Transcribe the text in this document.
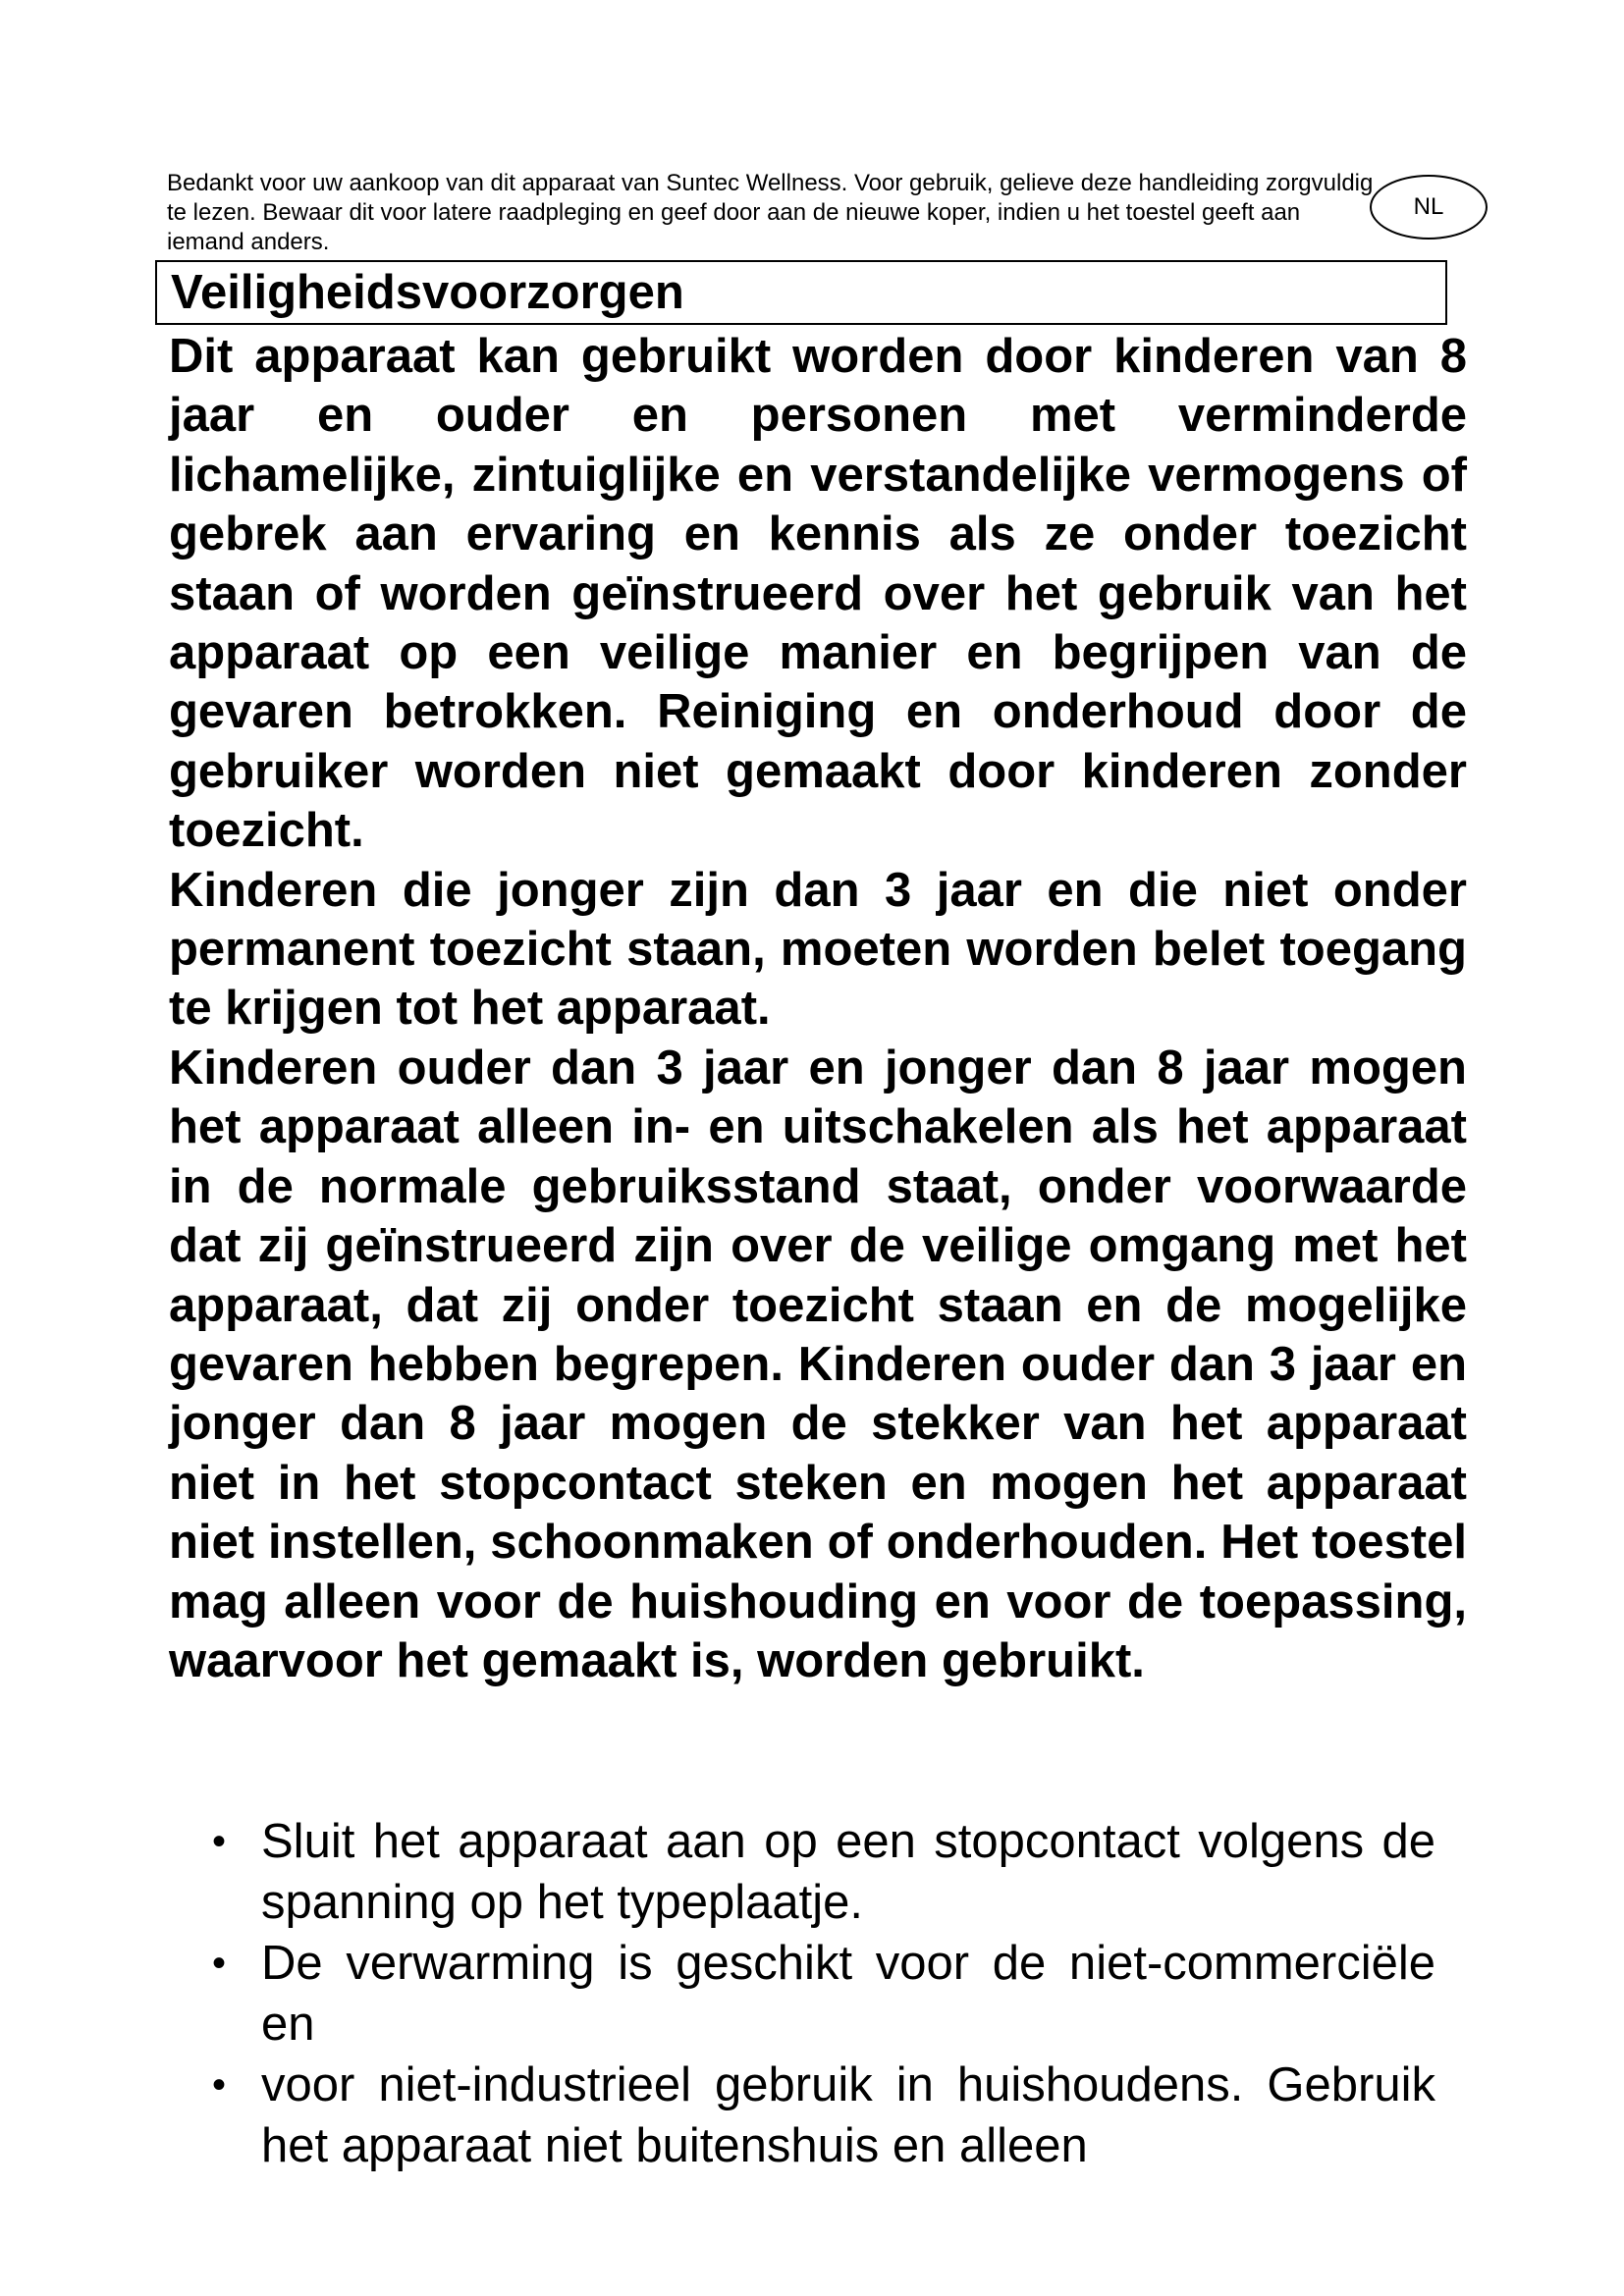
Bedankt voor uw aankoop van dit apparaat van Suntec Wellness. Voor gebruik, gelieve deze handleiding zorgvuldig te lezen. Bewaar dit voor latere raadpleging en geef door aan de nieuwe koper, indien u het toestel geeft aan iemand anders.

NL
Veiligheidsvoorzorgen

Dit apparaat kan gebruikt worden door kinderen van 8 jaar en ouder en personen met verminderde lichamelijke, zintuiglijke en verstandelijke vermogens of gebrek aan ervaring en kennis als ze onder toezicht staan of worden geïnstrueerd over het gebruik van het apparaat op een veilige manier en begrijpen van de gevaren betrokken. Reiniging en onderhoud door de gebruiker worden niet gemaakt door kinderen zonder toezicht.

Kinderen die jonger zijn dan 3 jaar en die niet onder permanent toezicht staan, moeten worden belet toegang te krijgen tot het apparaat.

Kinderen ouder dan 3 jaar en jonger dan 8 jaar mogen het apparaat alleen in- en uitschakelen als het apparaat in de normale gebruiksstand staat, onder voorwaarde dat zij geïnstrueerd zijn over de veilige omgang met het apparaat, dat zij onder toezicht staan en de mogelijke gevaren hebben begrepen. Kinderen ouder dan 3 jaar en jonger dan 8 jaar mogen de stekker van het apparaat niet in het stopcontact steken en mogen het apparaat niet instellen, schoonmaken of onderhouden. Het toestel mag alleen voor de huishouding en voor de toepassing, waarvoor het gemaakt is, worden gebruikt.

• Sluit het apparaat aan op een stopcontact volgens de spanning op het typeplaatje.
• De verwarming is geschikt voor de niet-commerciële en
• voor niet-industrieel gebruik in huishoudens. Gebruik het apparaat niet buitenshuis en alleen
